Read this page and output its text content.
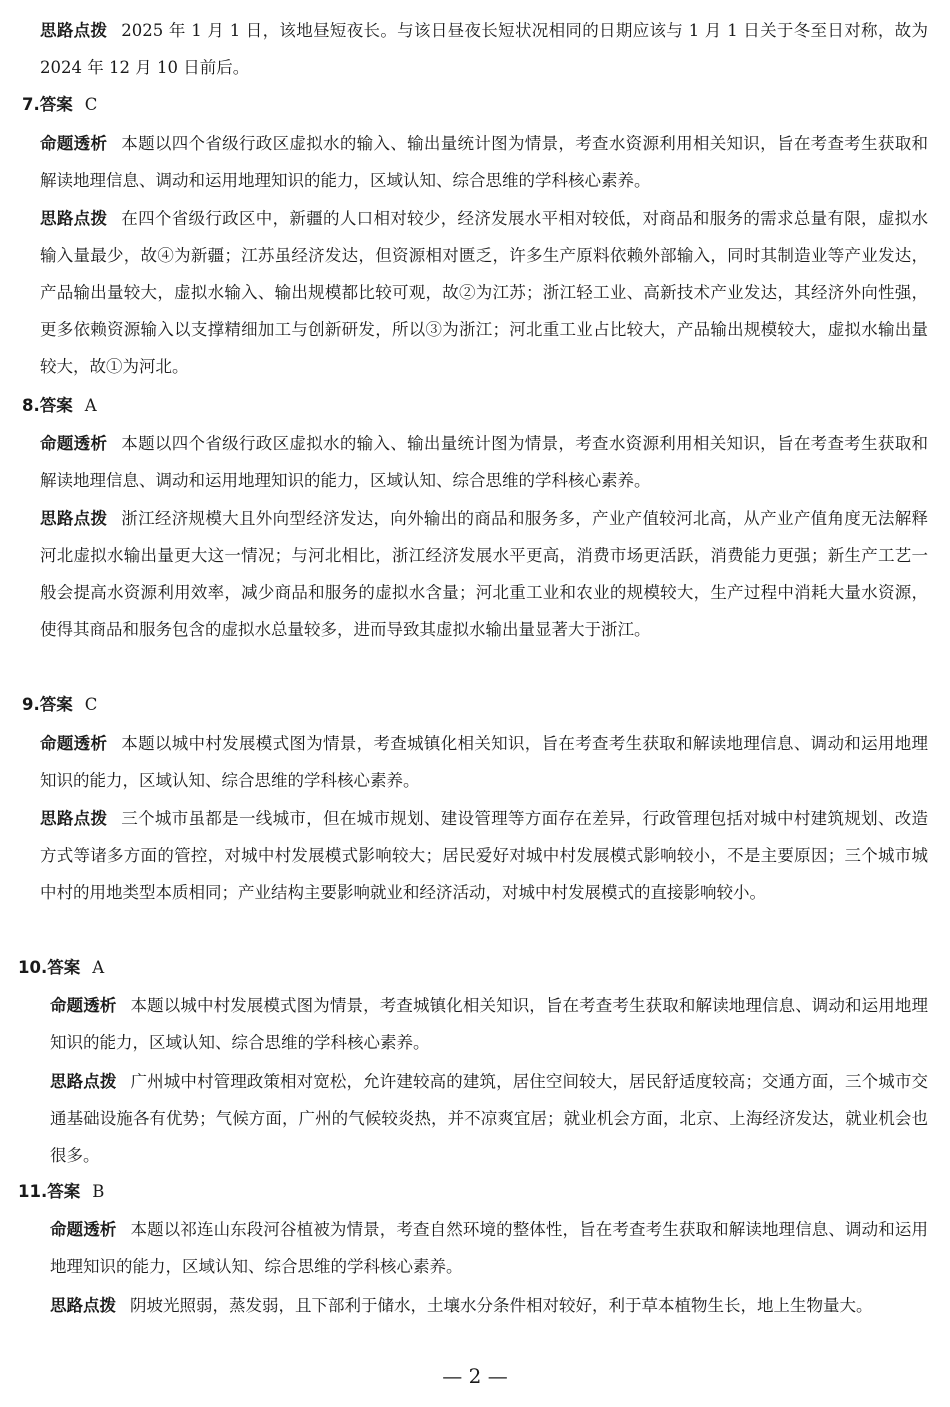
思路点拨 2025 年 1 月 1 日，该地昼短夜长。与该日昼夜长短状况相同的日期应该与 1 月 1 日关于冬至日对称，故为 2024 年 12 月 10 日前后。
7.答案 C
命题透析 本题以四个省级行政区虚拟水的输入、输出量统计图为情景，考查水资源利用相关知识，旨在考查考生获取和解读地理信息、调动和运用地理知识的能力，区域认知、综合思维的学科核心素养。
思路点拨 在四个省级行政区中，新疆的人口相对较少，经济发展水平相对较低，对商品和服务的需求总量有限，虚拟水输入量最少，故④为新疆；江苏虽经济发达，但资源相对匮乏，许多生产原料依赖外部输入，同时其制造业等产业发达，产品输出量较大，虚拟水输入、输出规模都比较可观，故②为江苏；浙江轻工业、高新技术产业发达，其经济外向性强，更多依赖资源输入以支撑精细加工与创新研发，所以③为浙江；河北重工业占比较大，产品输出规模较大，虚拟水输出量较大，故①为河北。
8.答案 A
命题透析 本题以四个省级行政区虚拟水的输入、输出量统计图为情景，考查水资源利用相关知识，旨在考查考生获取和解读地理信息、调动和运用地理知识的能力，区域认知、综合思维的学科核心素养。
思路点拨 浙江经济规模大且外向型经济发达，向外输出的商品和服务多，产业产值较河北高，从产业产值角度无法解释河北虚拟水输出量更大这一情况；与河北相比，浙江经济发展水平更高，消费市场更活跃，消费能力更强；新生产工艺一般会提高水资源利用效率，减少商品和服务的虚拟水含量；河北重工业和农业的规模较大，生产过程中消耗大量水资源，使得其商品和服务包含的虚拟水总量较多，进而导致其虚拟水输出量显著大于浙江。
9.答案 C
命题透析 本题以城中村发展模式图为情景，考查城镇化相关知识，旨在考查考生获取和解读地理信息、调动和运用地理知识的能力，区域认知、综合思维的学科核心素养。
思路点拨 三个城市虽都是一线城市，但在城市规划、建设管理等方面存在差异，行政管理包括对城中村建筑规划、改造方式等诸多方面的管控，对城中村发展模式影响较大；居民爱好对城中村发展模式影响较小，不是主要原因；三个城市城中村的用地类型本质相同；产业结构主要影响就业和经济活动，对城中村发展模式的直接影响较小。
10.答案 A
命题透析 本题以城中村发展模式图为情景，考查城镇化相关知识，旨在考查考生获取和解读地理信息、调动和运用地理知识的能力，区域认知、综合思维的学科核心素养。
思路点拨 广州城中村管理政策相对宽松，允许建较高的建筑，居住空间较大，居民舒适度较高；交通方面，三个城市交通基础设施各有优势；气候方面，广州的气候较炎热，并不凉爽宜居；就业机会方面，北京、上海经济发达，就业机会也很多。
11.答案 B
命题透析 本题以祁连山东段河谷植被为情景，考查自然环境的整体性，旨在考查考生获取和解读地理信息、调动和运用地理知识的能力，区域认知、综合思维的学科核心素养。
思路点拨 阴坡光照弱，蒸发弱，且下部利于储水，土壤水分条件相对较好，利于草本植物生长，地上生物量大。
— 2 —
